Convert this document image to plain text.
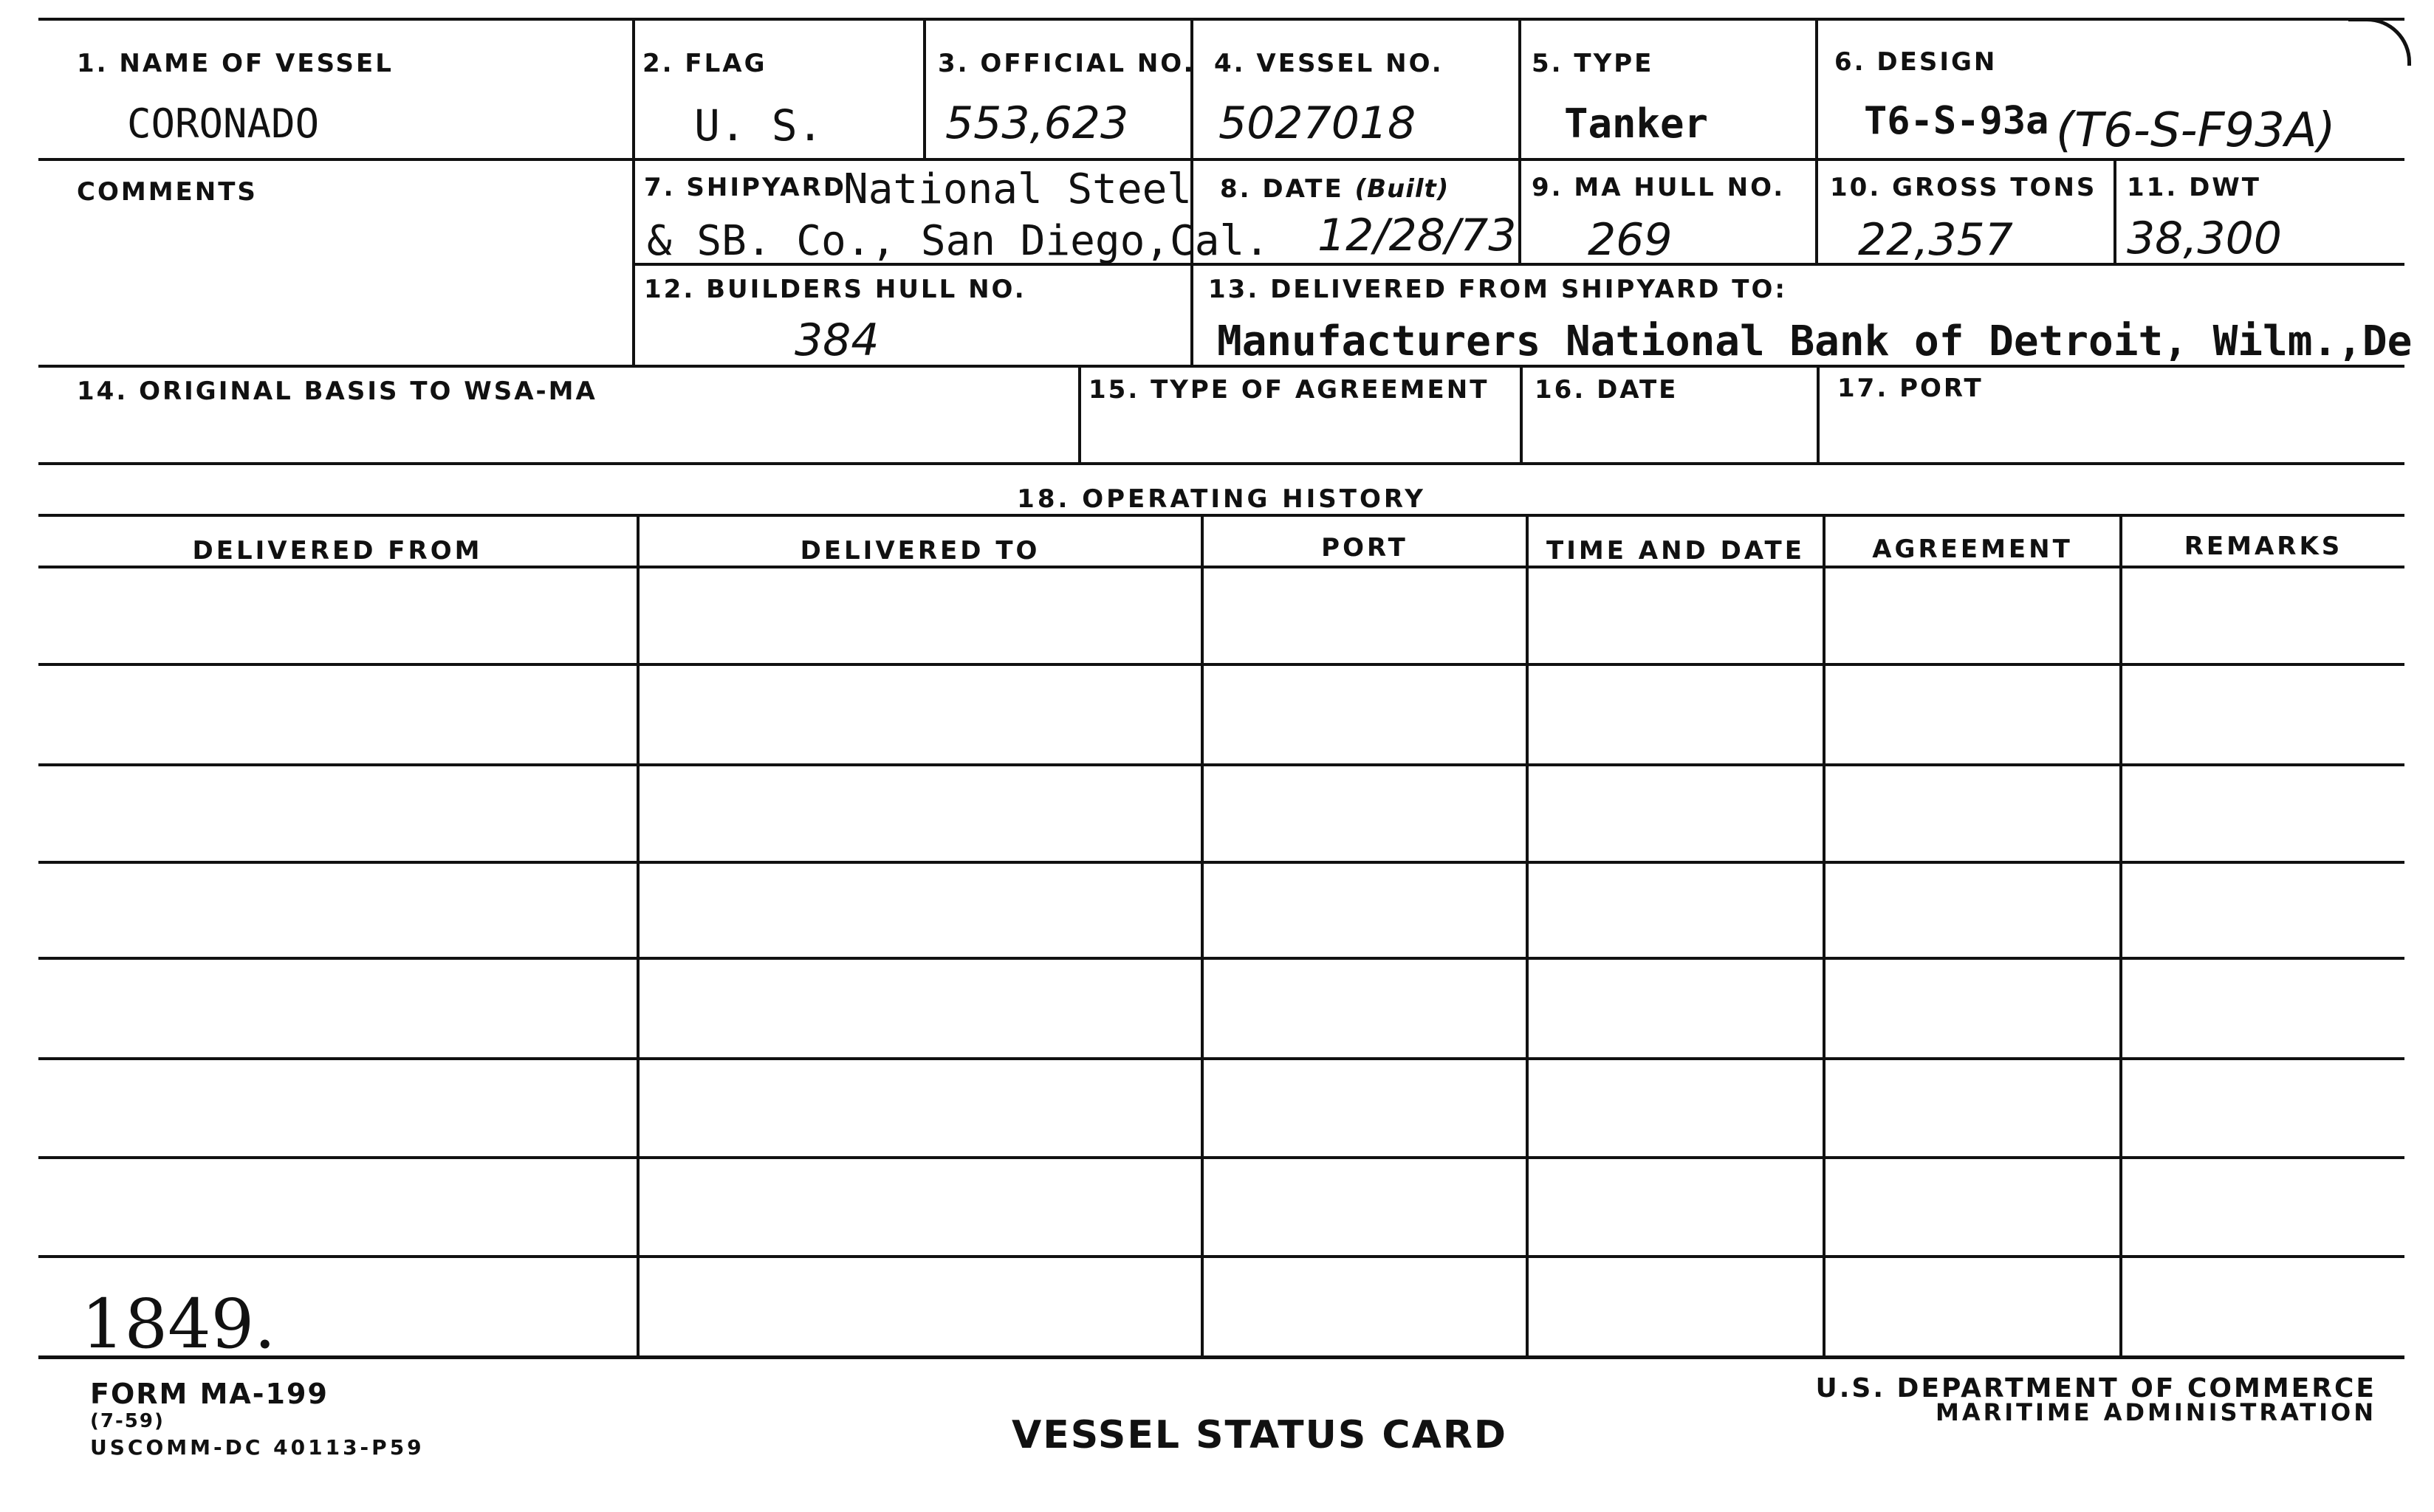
1. NAME OF VESSEL
CORONADO
2. FLAG
U. S.
3. OFFICIAL NO.
553,623
4. VESSEL NO.
5027018
5. TYPE
Tanker
6. DESIGN
T6-S-93a (T6-S-F93A)
COMMENTS	7. SHIPYARD
National Steel
& SB. Co., San Diego,Cal.
8. DATE (Built)
12/28/73
9. MA HULL NO.
269
10. GROSS TONS
22,357
11. DWT
38,300
12. BUILDERS HULL NO.
384
13. DELIVERED FROM SHIPYARD TO:
Manufacturers National Bank of Detroit, Wilm.,De
14. ORIGINAL BASIS TO WSA-MA	15. TYPE OF AGREEMENT 16. DATE	17. PORT
18. OPERATING HISTORY
DELIVERED FROM	DELIVERED TO	PORT	TIME AND DATE	AGREEMENT	REMARKS
1849.
FORM MA-199
(7-59)
USCOMM-DC 40113-P59	VESSEL STATUS CARD
U.S. DEPARTMENT OF COMMERCE
MARITIME ADMINISTRATION
